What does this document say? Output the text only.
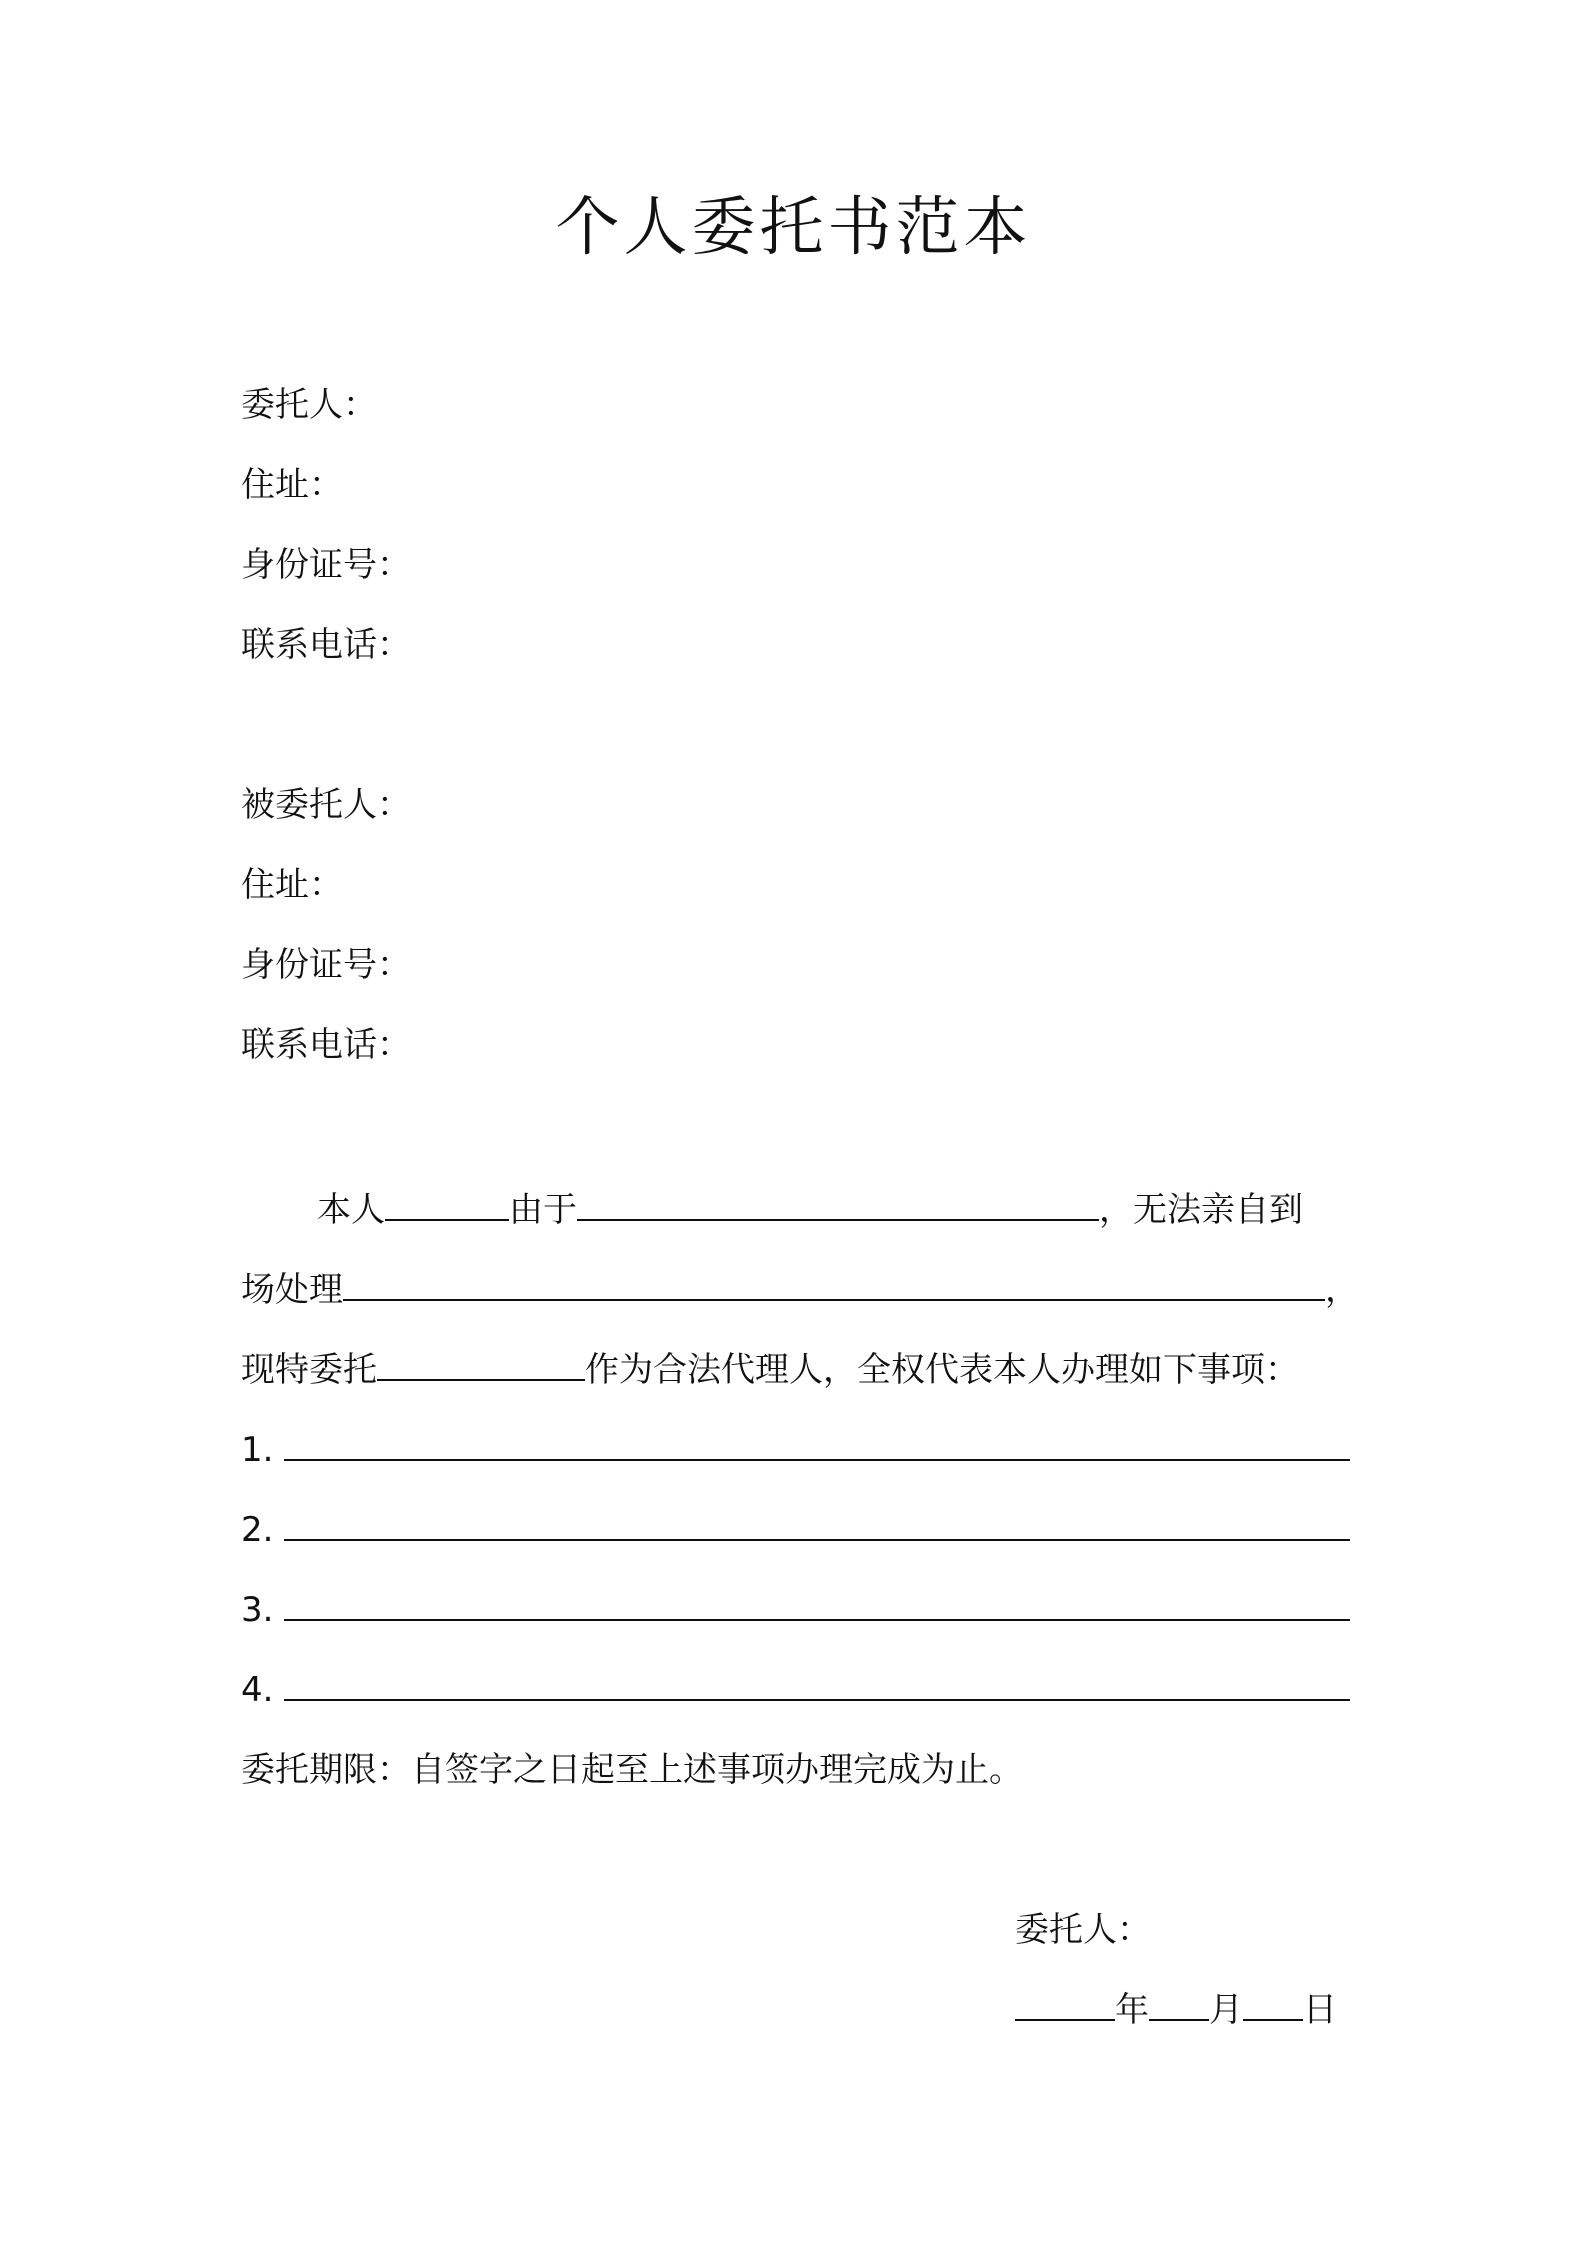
个人委托书范本
委托人：
住址：
身份证号：
联系电话：
被委托人：
住址：
身份证号：
联系电话：
本人	由于	，无法亲自到
场处理	，
现特委托	作为合法代理人，全权代表本人办理如下事项：
1.
2.
3.
4.
委托期限：自签字之日起至上述事项办理完成为止。
委托人：
年 月 日
